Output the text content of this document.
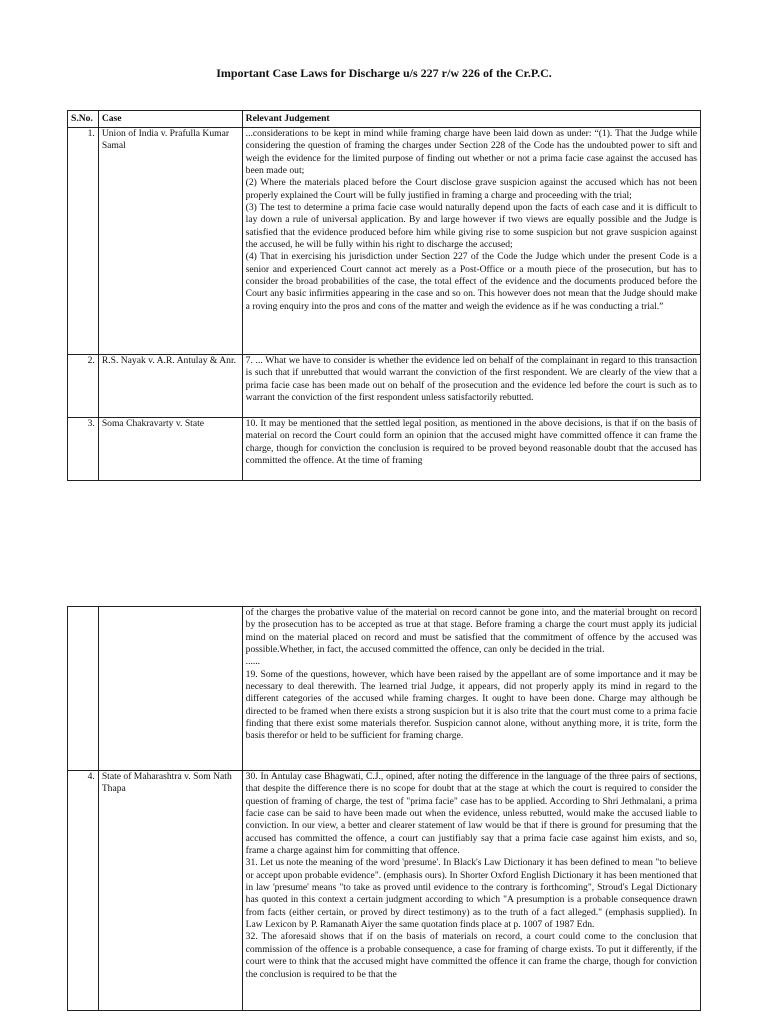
Important Case Laws for Discharge u/s 227 r/w 226 of the Cr.P.C.
S.No.	Case	Relevant Judgement
1.	Union of India v. Prafulla Kumar Samal	...considerations to be kept in mind while framing charge have been laid down as under: “(1). That the Judge while considering the question of framing the charges under Section 228 of the Code has the undoubted power to sift and weigh the evidence for the limited purpose of finding out whether or not a prima facie case against the accused has been made out;
(2) Where the materials placed before the Court disclose grave suspicion against the accused which has not been properly explained the Court will be fully justified in framing a charge and proceeding with the trial;
(3) The test to determine a prima facie case would naturally depend upon the facts of each case and it is difficult to lay down a rule of universal application. By and large however if two views are equally possible and the Judge is satisfied that the evidence produced before him while giving rise to some suspicion but not grave suspicion against the accused, he will be fully within his right to discharge the accused;
(4) That in exercising his jurisdiction under Section 227 of the Code the Judge which under the present Code is a senior and experienced Court cannot act merely as a Post-Office or a mouth piece of the prosecution, but has to consider the broad probabilities of the case, the total effect of the evidence and the documents produced before the Court any basic infirmities appearing in the case and so on. This however does not mean that the Judge should make a roving enquiry into the pros and cons of the matter and weigh the evidence as if he was conducting a trial.”
2.	R.S. Nayak v. A.R. Antulay & Anr.	7. ... What we have to consider is whether the evidence led on behalf of the complainant in regard to this transaction is such that if unrebutted that would warrant the conviction of the first respondent. We are clearly of the view that a prima facie case has been made out on behalf of the prosecution and the evidence led before the court is such as to warrant the conviction of the first respondent unless satisfactorily rebutted.
3.	Soma Chakravarty v. State	10. It may be mentioned that the settled legal position, as mentioned in the above decisions, is that if on the basis of material on record the Court could form an opinion that the accused might have committed offence it can frame the charge, though for conviction the conclusion is required to be proved beyond reasonable doubt that the accused has committed the offence. At the time of framing
		of the charges the probative value of the material on record cannot be gone into, and the material brought on record by the prosecution has to be accepted as true at that stage. Before framing a charge the court must apply its judicial mind on the material placed on record and must be satisfied that the commitment of offence by the accused was possible.Whether, in fact, the accused committed the offence, can only be decided in the trial.
......
19. Some of the questions, however, which have been raised by the appellant are of some importance and it may be necessary to deal therewith. The learned trial Judge, it appears, did not properly apply its mind in regard to the different categories of the accused while framing charges. It ought to have been done. Charge may although be directed to be framed when there exists a strong suspicion but it is also trite that the court must come to a prima facie finding that there exist some materials therefor. Suspicion cannot alone, without anything more, it is trite, form the basis therefor or held to be sufficient for framing charge.
4.	State of Maharashtra v. Som Nath Thapa	30. In Antulay case Bhagwati, C.J., opined, after noting the difference in the language of the three pairs of sections, that despite the difference there is no scope for doubt that at the stage at which the court is required to consider the question of framing of charge, the test of "prima facie" case has to be applied. According to Shri Jethmalani, a prima facie case can be said to have been made out when the evidence, unless rebutted, would make the accused liable to conviction. In our view, a better and clearer statement of law would be that if there is ground for presuming that the accused has committed the offence, a court can justifiably say that a prima facie case against him exists, and so, frame a charge against him for committing that offence.
31. Let us note the meaning of the word 'presume'. In Black's Law Dictionary it has been defined to mean "to believe or accept upon probable evidence". (emphasis ours). In Shorter Oxford English Dictionary it has been mentioned that in law 'presume' means "to take as proved until evidence to the contrary is forthcoming", Stroud's Legal Dictionary has quoted in this context a certain judgment according to which "A presumption is a probable consequence drawn from facts (either certain, or proved by direct testimony) as to the truth of a fact alleged." (emphasis supplied). In Law Lexicon by P. Ramanath Aiyer the same quotation finds place at p. 1007 of 1987 Edn.
32. The aforesaid shows that if on the basis of materials on record, a court could come to the conclusion that commission of the offence is a probable consequence, a case for framing of charge exists. To put it differently, if the court were to think that the accused might have committed the offence it can frame the charge, though for conviction the conclusion is required to be that the
